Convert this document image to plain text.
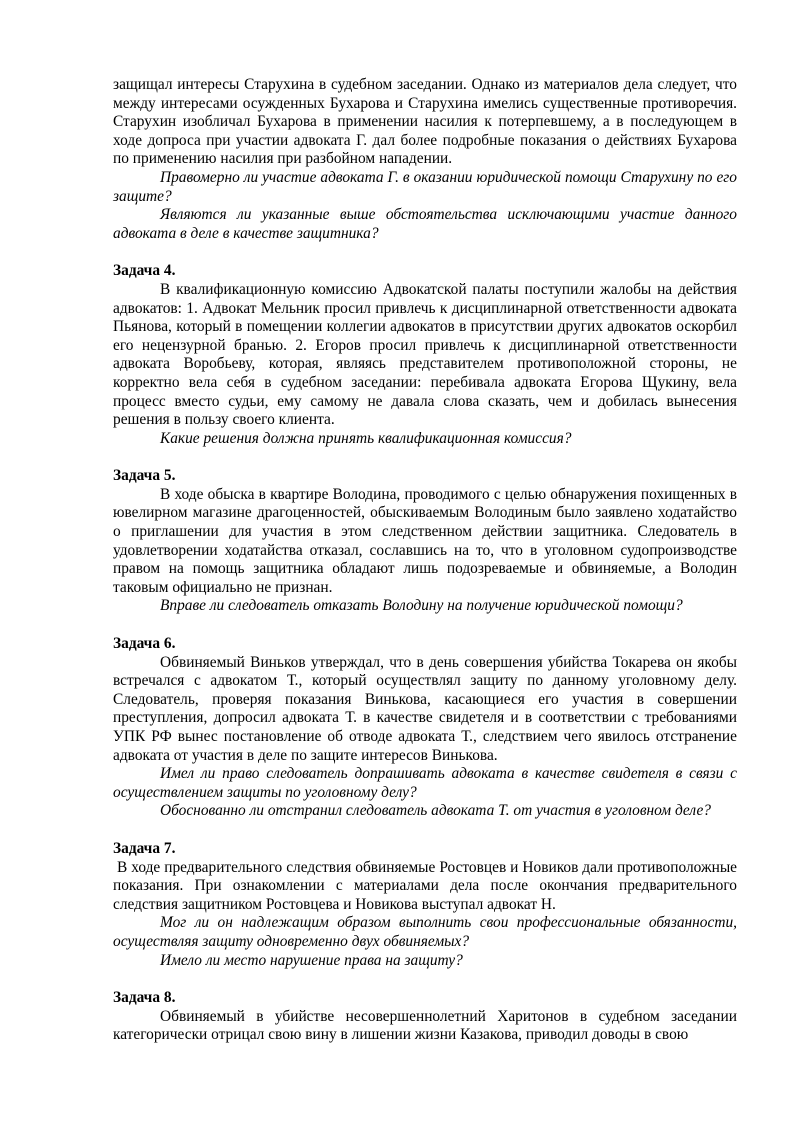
защищал интересы Старухина в судебном заседании. Однако из материалов дела следует, что между интересами осужденных Бухарова и Старухина имелись существенные противоречия. Старухин изобличал Бухарова в применении насилия к потерпевшему, а в последующем в ходе допроса при участии адвоката Г. дал более подробные показания о действиях Бухарова по применению насилия при разбойном нападении.

Правомерно ли участие адвоката Г. в оказании юридической помощи Старухину по его защите?

Являются ли указанные выше обстоятельства исключающими участие данного адвоката в деле в качестве защитника?

Задача 4.

В квалификационную комиссию Адвокатской палаты поступили жалобы на действия адвокатов: 1. Адвокат Мельник просил привлечь к дисциплинарной ответственности адвоката Пьянова, который в помещении коллегии адвокатов в присутствии других адвокатов оскорбил его нецензурной бранью. 2. Егоров просил привлечь к дисциплинарной ответственности адвоката Воробьеву, которая, являясь представителем противоположной стороны, не корректно вела себя в судебном заседании: перебивала адвоката Егорова Щукину, вела процесс вместо судьи, ему самому не давала слова сказать, чем и добилась вынесения решения в пользу своего клиента.

Какие решения должна принять квалификационная комиссия?

Задача 5.

В ходе обыска в квартире Володина, проводимого с целью обнаружения похищенных в ювелирном магазине драгоценностей, обыскиваемым Володиным было заявлено ходатайство о приглашении для участия в этом следственном действии защитника. Следователь в удовлетворении ходатайства отказал, сославшись на то, что в уголовном судопроизводстве правом на помощь защитника обладают лишь подозреваемые и обвиняемые, а Володин таковым официально не признан.

Вправе ли следователь отказать Володину на получение юридической помощи?

Задача 6.

Обвиняемый Виньков утверждал, что в день совершения убийства Токарева он якобы встречался с адвокатом Т., который осуществлял защиту по данному уголовному делу. Следователь, проверяя показания Винькова, касающиеся его участия в совершении преступления, допросил адвоката Т. в качестве свидетеля и в соответствии с требованиями УПК РФ вынес постановление об отводе адвоката Т., следствием чего явилось отстранение адвоката от участия в деле по защите интересов Винькова.

Имел ли право следователь допрашивать адвоката в качестве свидетеля в связи с осуществлением защиты по уголовному делу?

Обоснованно ли отстранил следователь адвоката Т. от участия в уголовном деле?

Задача 7.

В ходе предварительного следствия обвиняемые Ростовцев и Новиков дали противоположные показания. При ознакомлении с материалами дела после окончания предварительного следствия защитником Ростовцева и Новикова выступал адвокат Н.

Мог ли он надлежащим образом выполнить свои профессиональные обязанности, осуществляя защиту одновременно двух обвиняемых?

Имело ли место нарушение права на защиту?

Задача 8.

Обвиняемый в убийстве несовершеннолетний Харитонов в судебном заседании категорически отрицал свою вину в лишении жизни Казакова, приводил доводы в свою
